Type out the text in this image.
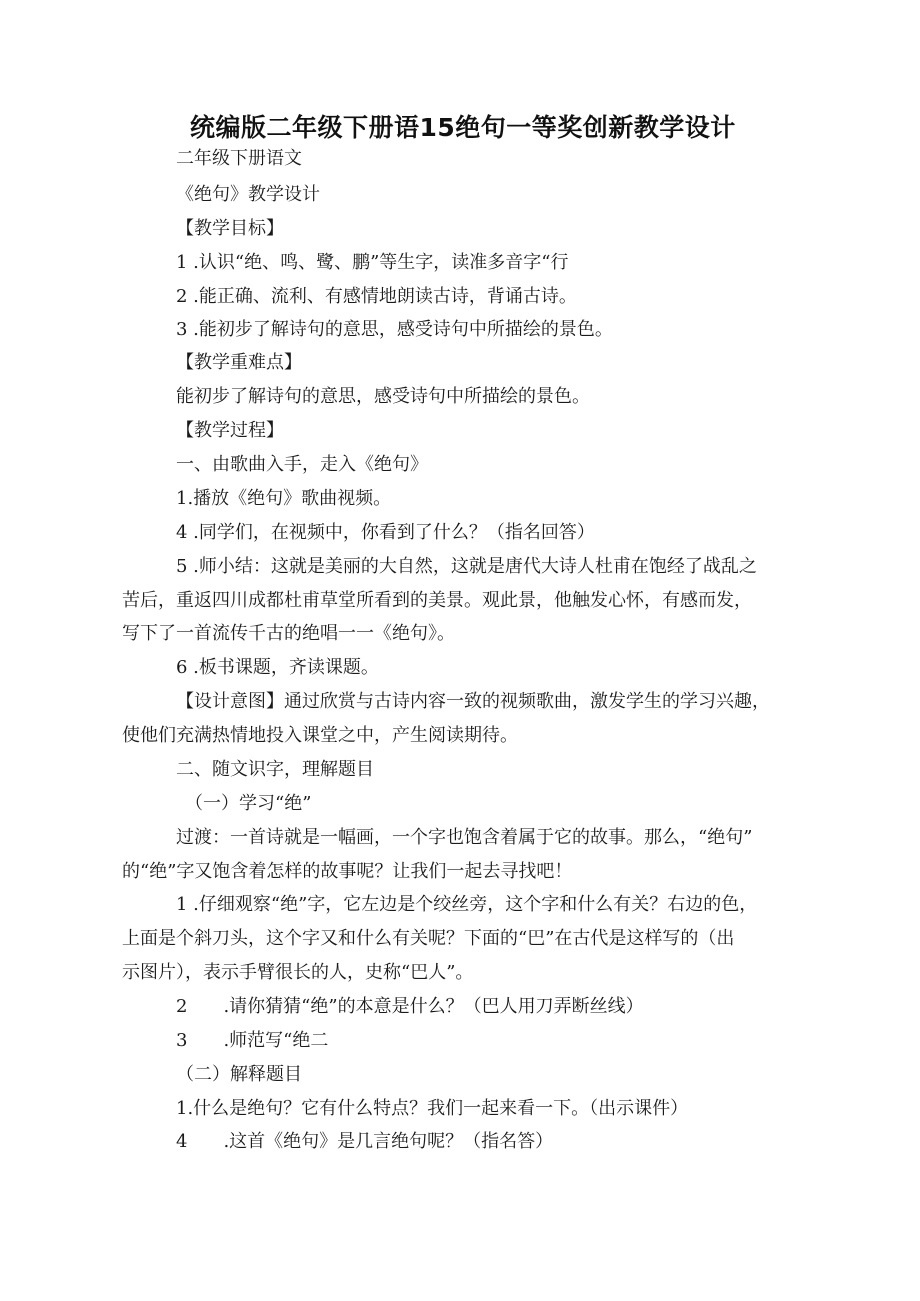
统编版二年级下册语15绝句一等奖创新教学设计
二年级下册语文
《绝句》教学设计
【教学目标】
1 .认识“绝、鸣、鹭、鹏”等生字，读准多音字“行
2 .能正确、流利、有感情地朗读古诗，背诵古诗。
3 .能初步了解诗句的意思，感受诗句中所描绘的景色。
【教学重难点】
能初步了解诗句的意思，感受诗句中所描绘的景色。
【教学过程】
一、由歌曲入手，走入《绝句》
1.播放《绝句》歌曲视频。
4 .同学们，在视频中，你看到了什么？（指名回答）
5 .师小结：这就是美丽的大自然，这就是唐代大诗人杜甫在饱经了战乱之
苦后，重返四川成都杜甫草堂所看到的美景。观此景，他触发心怀，有感而发，
写下了一首流传千古的绝唱一一《绝句》。
6 .板书课题，齐读课题。
【设计意图】通过欣赏与古诗内容一致的视频歌曲，激发学生的学习兴趣，
使他们充满热情地投入课堂之中，产生阅读期待。
二、随文识字，理解题目
（一）学习“绝”
过渡：一首诗就是一幅画，一个字也饱含着属于它的故事。那么，“绝句”
的“绝”字又饱含着怎样的故事呢？让我们一起去寻找吧！
1 .仔细观察“绝”字，它左边是个绞丝旁，这个字和什么有关？右边的色，
上面是个斜刀头，这个字又和什么有关呢？下面的“巴”在古代是这样写的（出
示图片），表示手臂很长的人，史称“巴人”。
2　　.请你猜猜“绝”的本意是什么？（巴人用刀弄断丝线）
3　　.师范写“绝二
（二）解释题目
1.什么是绝句？它有什么特点？我们一起来看一下。（出示课件）
4　　.这首《绝句》是几言绝句呢？（指名答）
